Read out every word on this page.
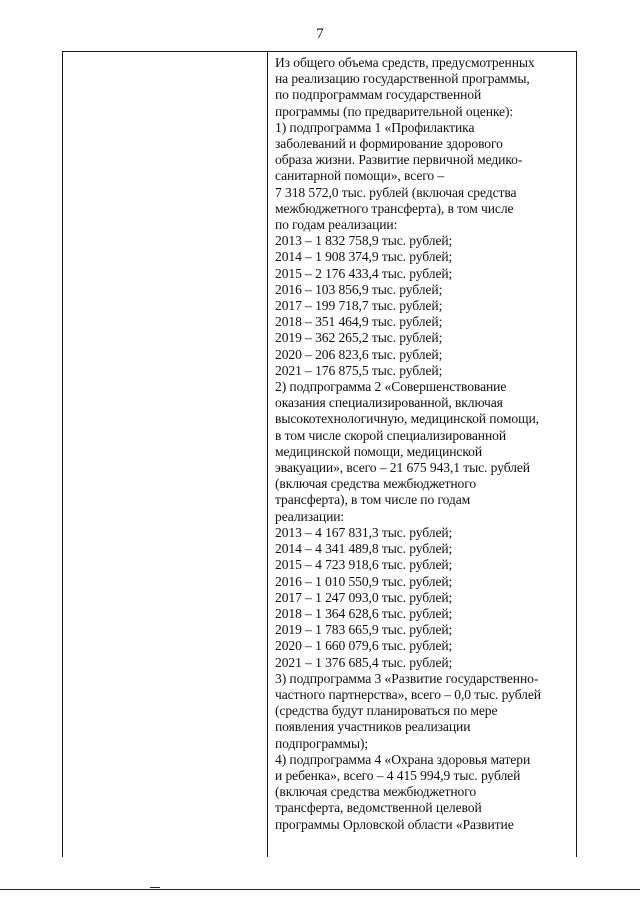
7
Из общего объема средств, предусмотренных
на реализацию государственной программы,
по подпрограммам государственной
программы (по предварительной оценке):
1) подпрограмма 1 «Профилактика
заболеваний и формирование здорового
образа жизни. Развитие первичной медико-
санитарной помощи», всего –
7 318 572,0 тыс. рублей (включая средства
межбюджетного трансферта), в том числе
по годам реализации:
2013 – 1 832 758,9 тыс. рублей;
2014 – 1 908 374,9 тыс. рублей;
2015 – 2 176 433,4 тыс. рублей;
2016 – 103 856,9 тыс. рублей;
2017 – 199 718,7 тыс. рублей;
2018 – 351 464,9 тыс. рублей;
2019 – 362 265,2 тыс. рублей;
2020 – 206 823,6 тыс. рублей;
2021 – 176 875,5 тыс. рублей;
2) подпрограмма 2 «Совершенствование
оказания специализированной, включая
высокотехнологичную, медицинской помощи,
в том числе скорой специализированной
медицинской помощи, медицинской
эвакуации», всего – 21 675 943,1 тыс. рублей
(включая средства межбюджетного
трансферта), в том числе по годам
реализации:
2013 – 4 167 831,3 тыс. рублей;
2014 – 4 341 489,8 тыс. рублей;
2015 – 4 723 918,6 тыс. рублей;
2016 – 1 010 550,9 тыс. рублей;
2017 – 1 247 093,0 тыс. рублей;
2018 – 1 364 628,6 тыс. рублей;
2019 – 1 783 665,9 тыс. рублей;
2020 – 1 660 079,6 тыс. рублей;
2021 – 1 376 685,4 тыс. рублей;
3) подпрограмма 3 «Развитие государственно-
частного партнерства», всего – 0,0 тыс. рублей
(средства будут планироваться по мере
появления участников реализации
подпрограммы);
4) подпрограмма 4 «Охрана здоровья матери
и ребенка», всего – 4 415 994,9 тыс. рублей
(включая средства межбюджетного
трансферта, ведомственной целевой
программы Орловской области «Развитие
